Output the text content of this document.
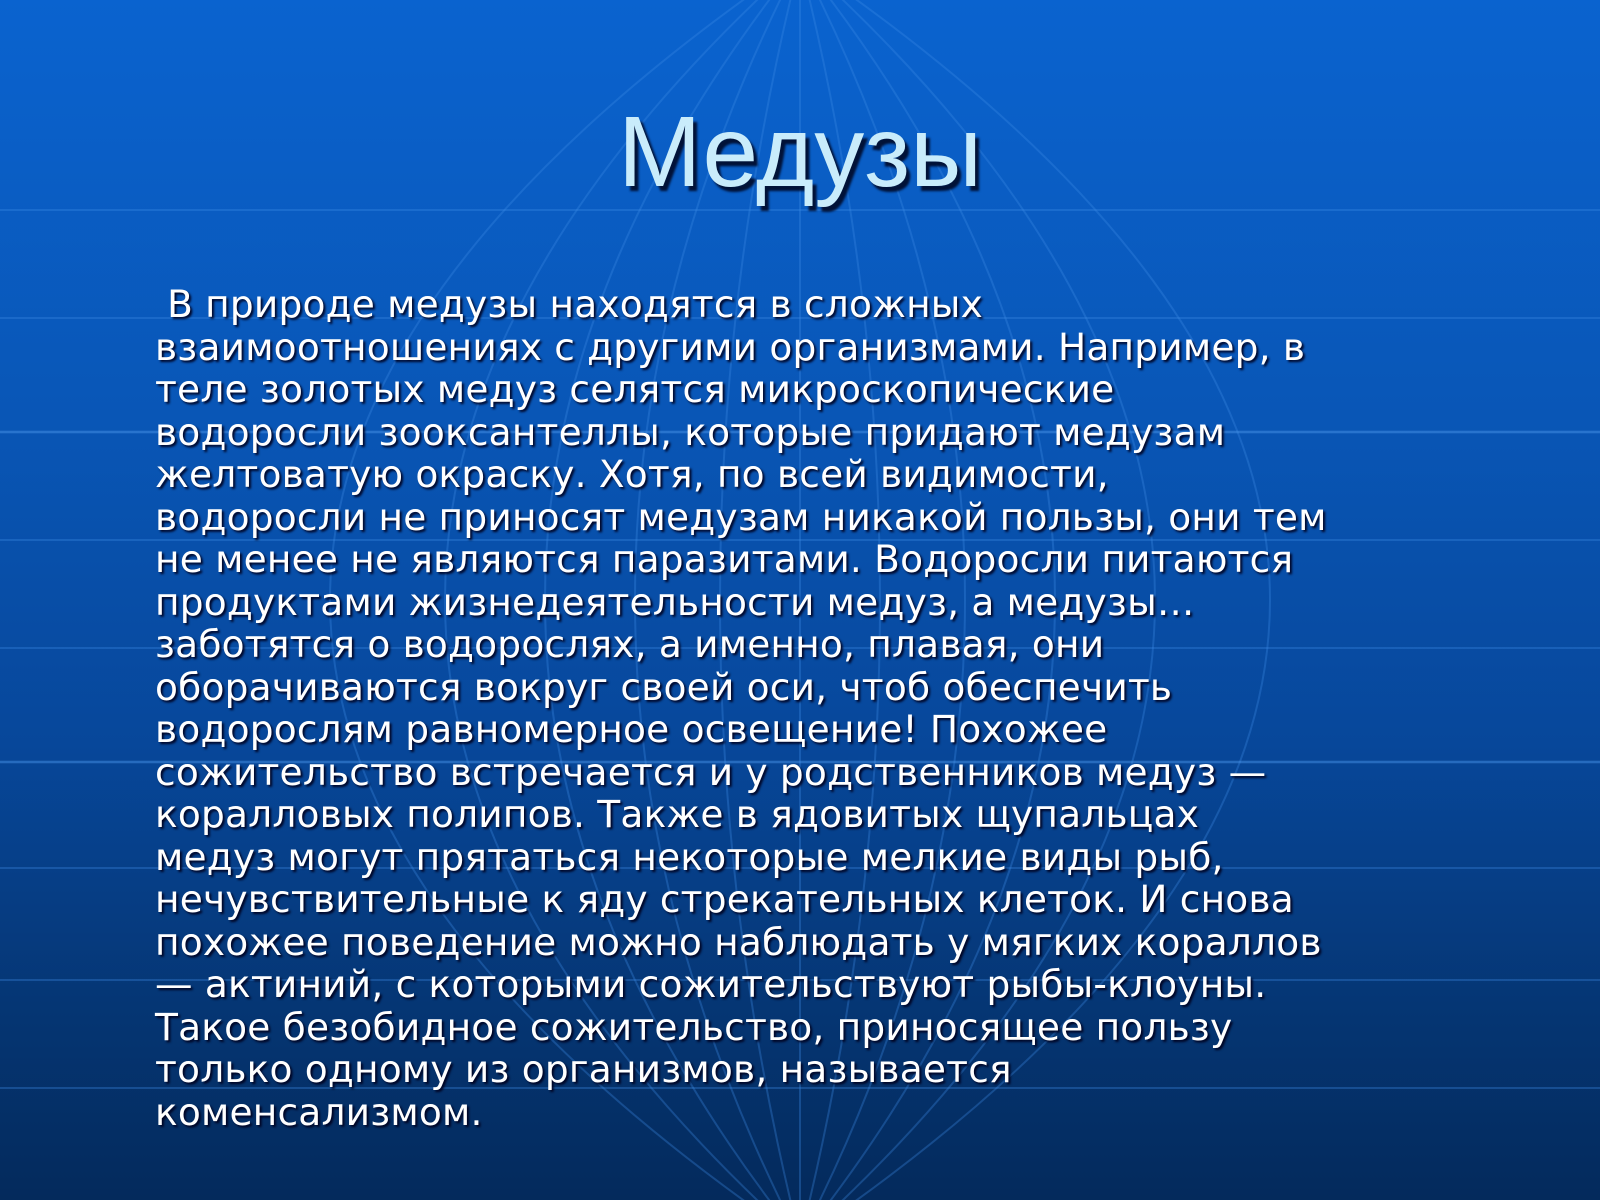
Медузы

В природе медузы находятся в сложных
взаимоотношениях с другими организмами. Например, в
теле золотых медуз селятся микроскопические
водоросли зооксантеллы, которые придают медузам
желтоватую окраску. Хотя, по всей видимости,
водоросли не приносят медузам никакой пользы, они тем
не менее не являются паразитами. Водоросли питаются
продуктами жизнедеятельности медуз, а медузы…
заботятся о водорослях, а именно, плавая, они
оборачиваются вокруг своей оси, чтоб обеспечить
водорослям равномерное освещение! Похожее
сожительство встречается и у родственников медуз —
коралловых полипов. Также в ядовитых щупальцах
медуз могут прятаться некоторые мелкие виды рыб,
нечувствительные к яду стрекательных клеток. И снова
похожее поведение можно наблюдать у мягких кораллов
— актиний, с которыми сожительствуют рыбы-клоуны.
Такое безобидное сожительство, приносящее пользу
только одному из организмов, называется
коменсализмом.
